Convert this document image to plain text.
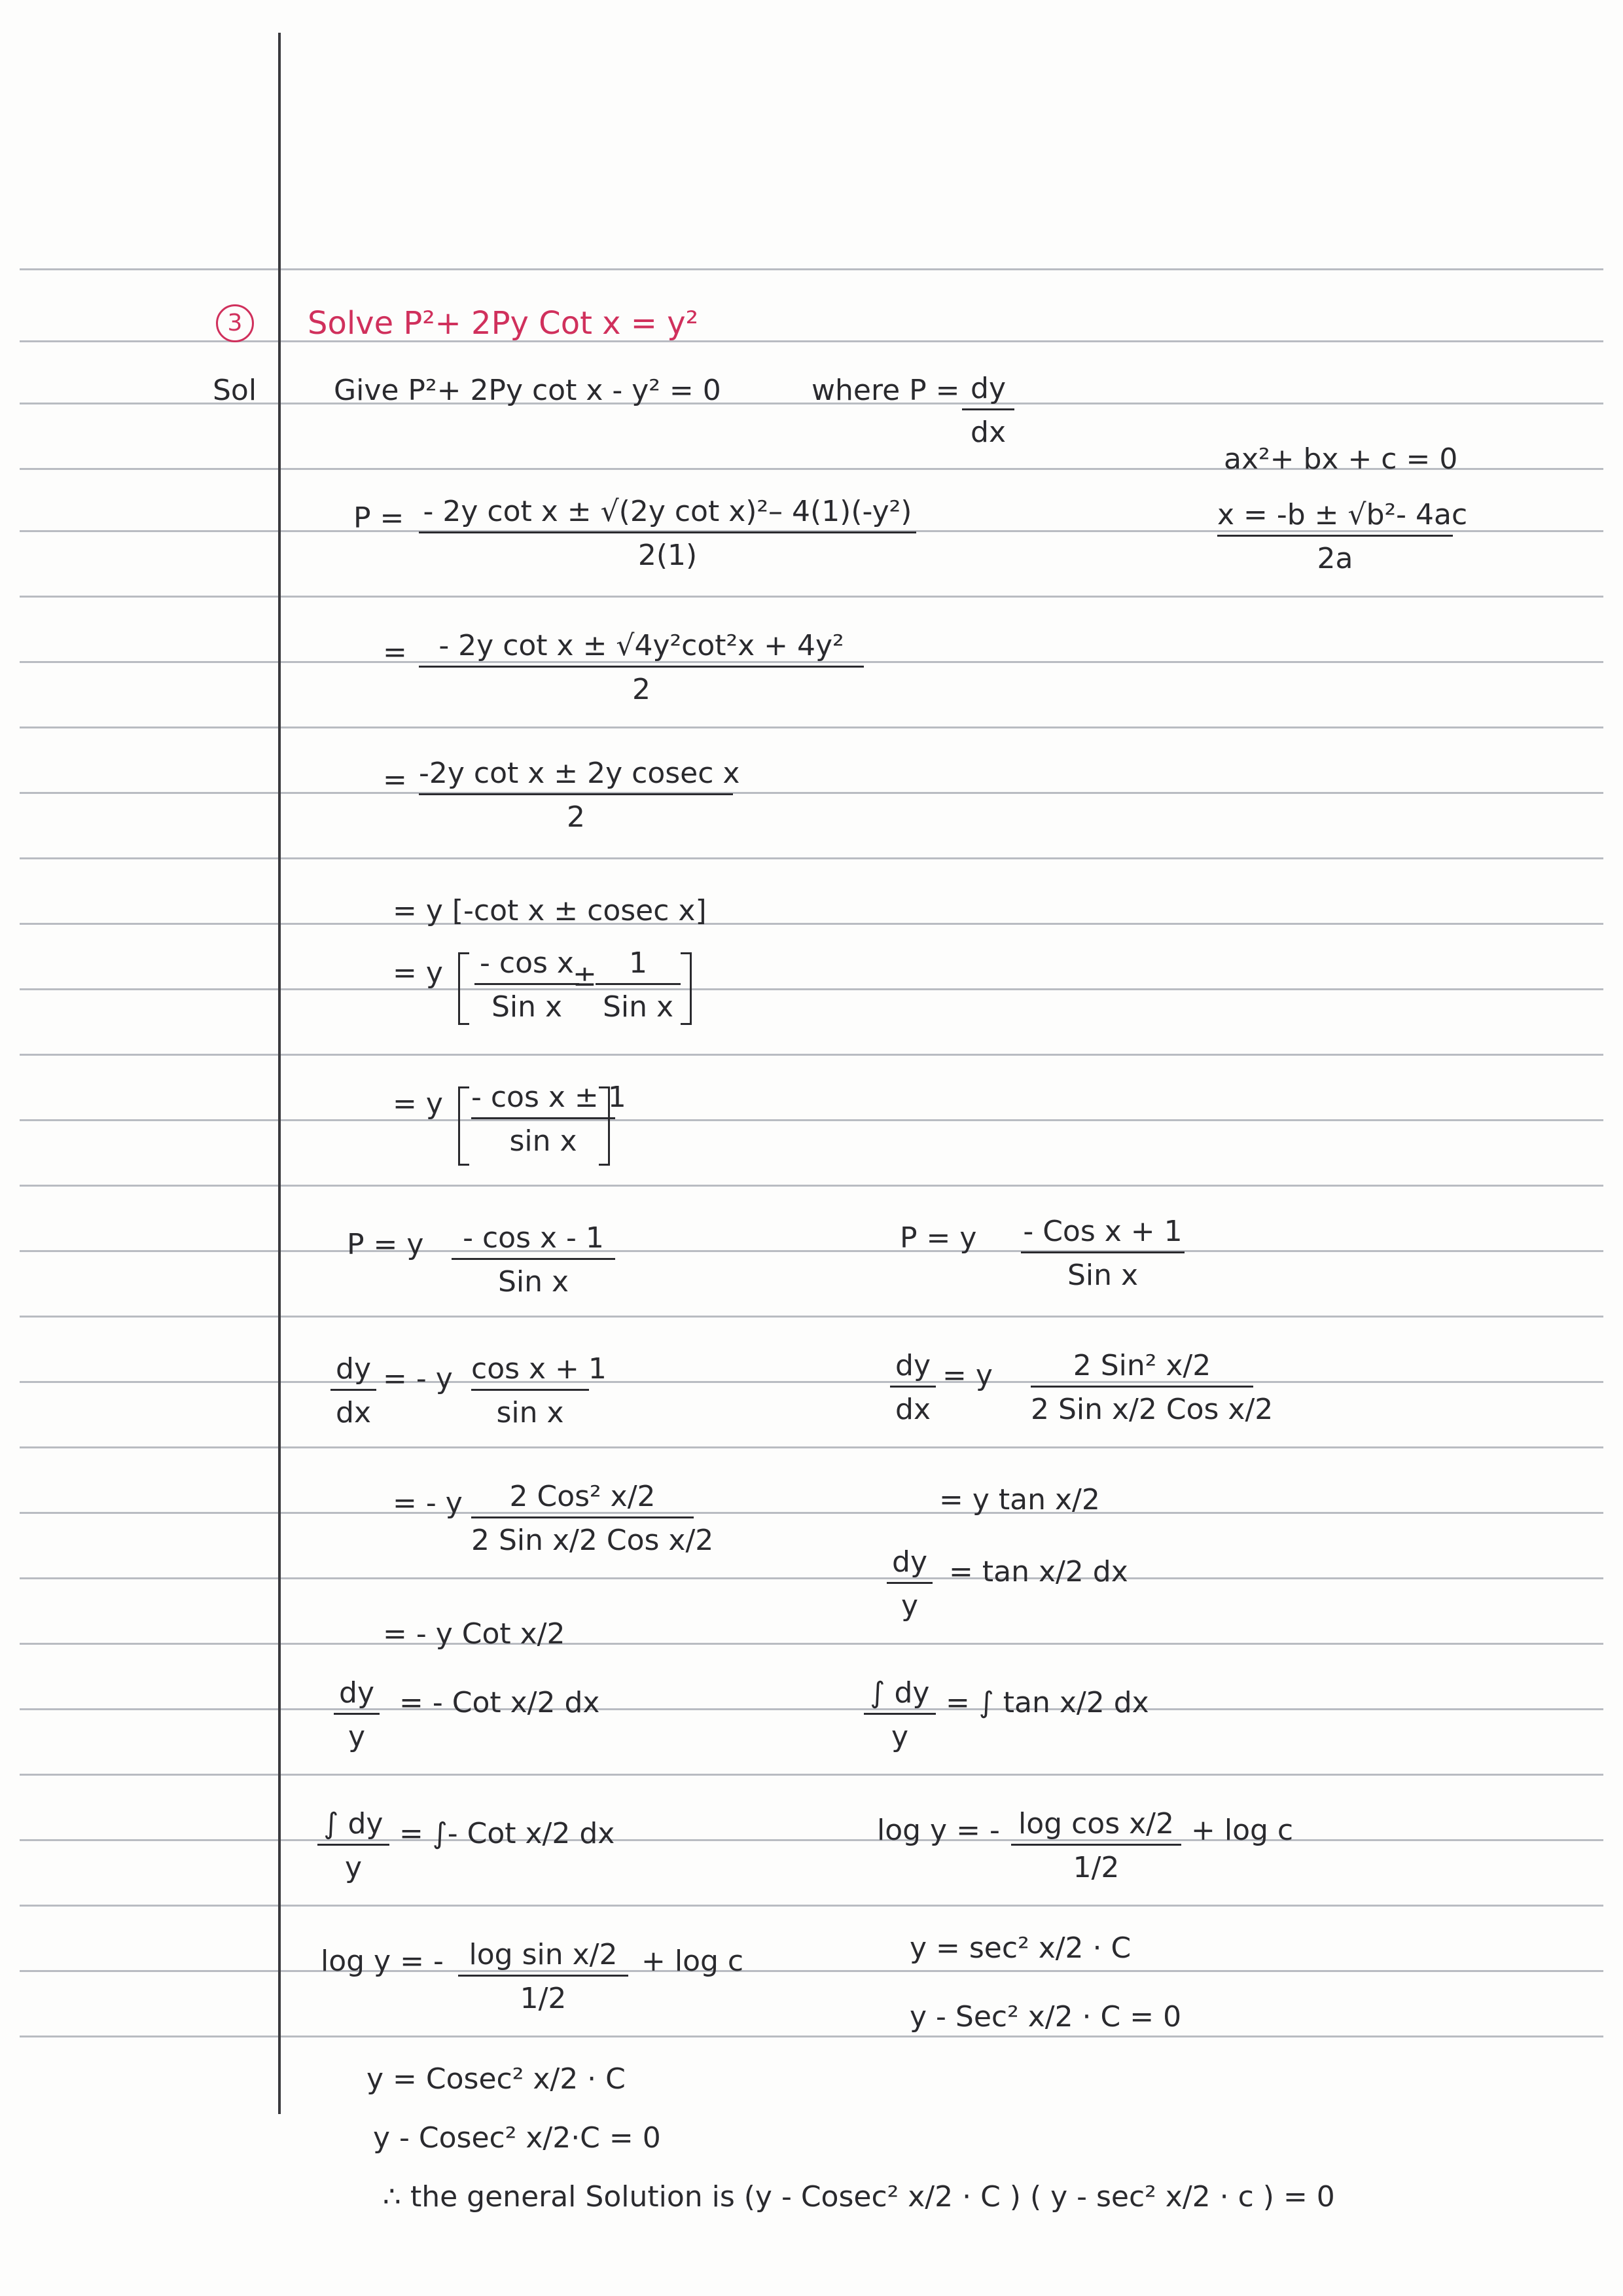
3	Solve P²+ 2Py Cot x = y²
Sol	Give P²+ 2Py cot x - y² = 0	where P = dy
dx
ax²+ bx + c = 0
x = -b ± √b²- 4ac
2a
P = - 2y cot x ± √(2y cot x)²– 4(1)(-y²)
2(1)
=	- 2y cot x ± √4y²cot²x + 4y²
2
= -2y cot x ± 2y cosec x
2
= y [-cot x ± cosec x]
= y - cos x
Sin x
±	1
Sin x
= y - cos x ± 1
sin x
P = y	- cos x - 1
Sin x
dy
dx
= - y cos x + 1
sin x
= - y	2 Cos² x/2
2 Sin x/2 Cos x/2
= - y Cot x/2
dy
y
= - Cot x/2 dx
∫ dy
y
= ∫- Cot x/2 dx
log y = - log sin x/2
1/2
+ log c
y = Cosec² x/2 · C
y - Cosec² x/2·C = 0
P = y - Cos x + 1
Sin x
dy
dx
= y	2 Sin² x/2
2 Sin x/2 Cos x/2
= y tan x/2
dy
y
= tan x/2 dx
∫ dy
y
= ∫ tan x/2 dx
log y = - log cos x/2
1/2
+ log c
y = sec² x/2 · C
y - Sec² x/2 · C = 0
∴ the general Solution is (y - Cosec² x/2 · C ) ( y - sec² x/2 · c ) = 0
